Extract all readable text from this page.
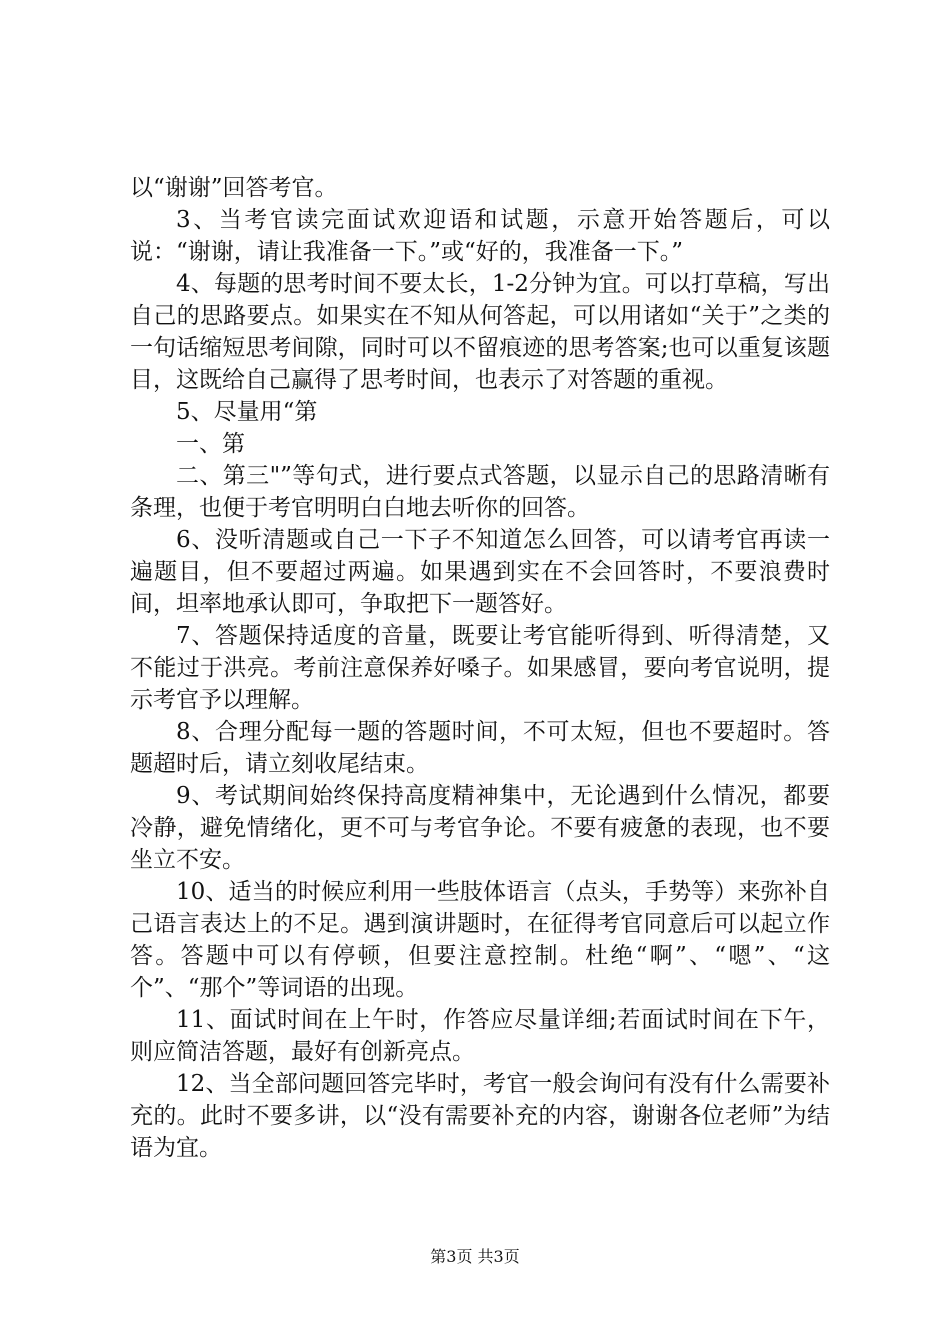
以“谢谢”回答考官。

3、当考官读完面试欢迎语和试题，示意开始答题后，可以说：“谢谢，请让我准备一下。”或“好的，我准备一下。”

4、每题的思考时间不要太长，1-2分钟为宜。可以打草稿，写出自己的思路要点。如果实在不知从何答起，可以用诸如“关于”之类的一句话缩短思考间隙，同时可以不留痕迹的思考答案;也可以重复该题目，这既给自己赢得了思考时间，也表示了对答题的重视。

5、尽量用“第

一、第

二、第三"”等句式，进行要点式答题，以显示自己的思路清晰有条理，也便于考官明明白白地去听你的回答。

6、没听清题或自己一下子不知道怎么回答，可以请考官再读一遍题目，但不要超过两遍。如果遇到实在不会回答时，不要浪费时间，坦率地承认即可，争取把下一题答好。

7、答题保持适度的音量，既要让考官能听得到、听得清楚，又不能过于洪亮。考前注意保养好嗓子。如果感冒，要向考官说明，提示考官予以理解。

8、合理分配每一题的答题时间，不可太短，但也不要超时。答题超时后，请立刻收尾结束。

9、考试期间始终保持高度精神集中，无论遇到什么情况，都要冷静，避免情绪化，更不可与考官争论。不要有疲惫的表现，也不要坐立不安。

10、适当的时候应利用一些肢体语言（点头，手势等）来弥补自己语言表达上的不足。遇到演讲题时，在征得考官同意后可以起立作答。答题中可以有停顿，但要注意控制。杜绝“啊”、“嗯”、“这个”、“那个”等词语的出现。

11、面试时间在上午时，作答应尽量详细;若面试时间在下午，则应简洁答题，最好有创新亮点。

12、当全部问题回答完毕时，考官一般会询问有没有什么需要补充的。此时不要多讲，以“没有需要补充的内容，谢谢各位老师”为结语为宜。

第3页 共3页
